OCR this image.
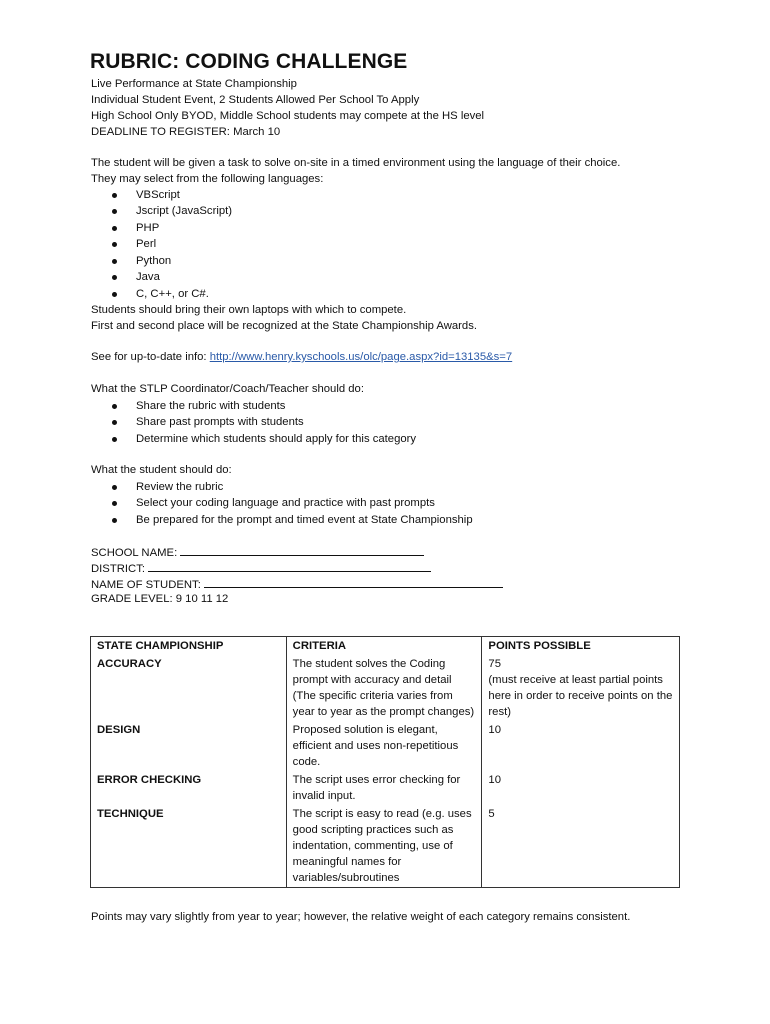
RUBRIC: CODING CHALLENGE
Live Performance at State Championship
Individual Student Event, 2 Students Allowed Per School To Apply
High School Only BYOD, Middle School students may compete at the HS level
DEADLINE TO REGISTER: March 10
The student will be given a task to solve on-site in a timed environment using the language of their choice.
They may select from the following languages:
VBScript
Jscript (JavaScript)
PHP
Perl
Python
Java
C, C++, or C#.
Students should bring their own laptops with which to compete.
First and second place will be recognized at the State Championship Awards.
See for up-to-date info: http://www.henry.kyschools.us/olc/page.aspx?id=13135&s=7
What the STLP Coordinator/Coach/Teacher should do:
Share the rubric with students
Share past prompts with students
Determine which students should apply for this category
What the student should do:
Review the rubric
Select your coding language and practice with past prompts
Be prepared for the prompt and timed event at State Championship
SCHOOL NAME:
DISTRICT:
NAME OF STUDENT:
GRADE LEVEL: 9 10 11 12
STATE CHAMPIONSHIP	CRITERIA	POINTS POSSIBLE
ACCURACY	The student solves the Coding prompt with accuracy and detail (The specific criteria varies from year to year as the prompt changes)	75
(must receive at least partial points here in order to receive points on the rest)

DESIGN	Proposed solution is elegant, efficient and uses non-repetitious code.	10
ERROR CHECKING	The script uses error checking for invalid input.	10
TECHNIQUE	The script is easy to read (e.g. uses good scripting practices such as indentation, commenting, use of meaningful names for variables/subroutines	5
Points may vary slightly from year to year; however, the relative weight of each category remains consistent.
